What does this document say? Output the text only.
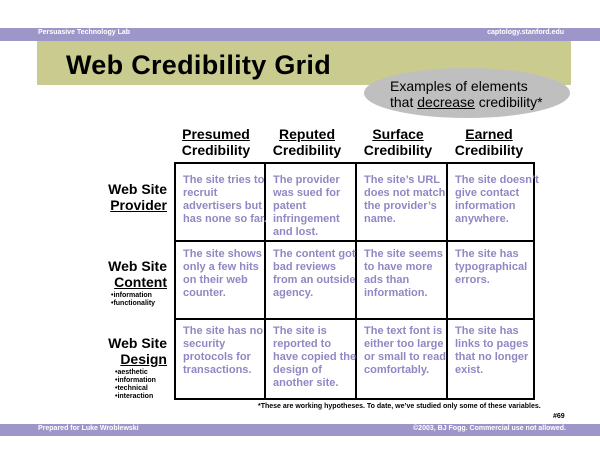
Persuasive Technology Lab	captology.stanford.edu
Web Credibility Grid
Examples of elements
that decrease credibility*
Presumed
Credibility
Reputed
Credibility
Surface
Credibility
Earned
Credibility
Web Site
Provider
Web Site
Content
•information
•functionality
Web Site
Design
•aesthetic
•information
•technical
•interaction
The site tries to recruit advertisers but has none so far.
The provider was sued for patent infringement and lost.
The site’s URL does not match the provider’s name.
The site doesn’t give contact information anywhere.
The site shows only a few hits on their web counter.
The content got bad reviews from an outside agency.
The site seems to have more ads than information.
The site has typographical errors.
The site has no security protocols for transactions.
The site is reported to have copied the design of another site.
The text font is either too large or small to read comfortably.
The site has links to pages that no longer exist.
*These are working hypotheses. To date, we’ve studied only some of these variables.
#69
Prepared for Luke Wroblewski	©2003, BJ Fogg. Commercial use not allowed.
